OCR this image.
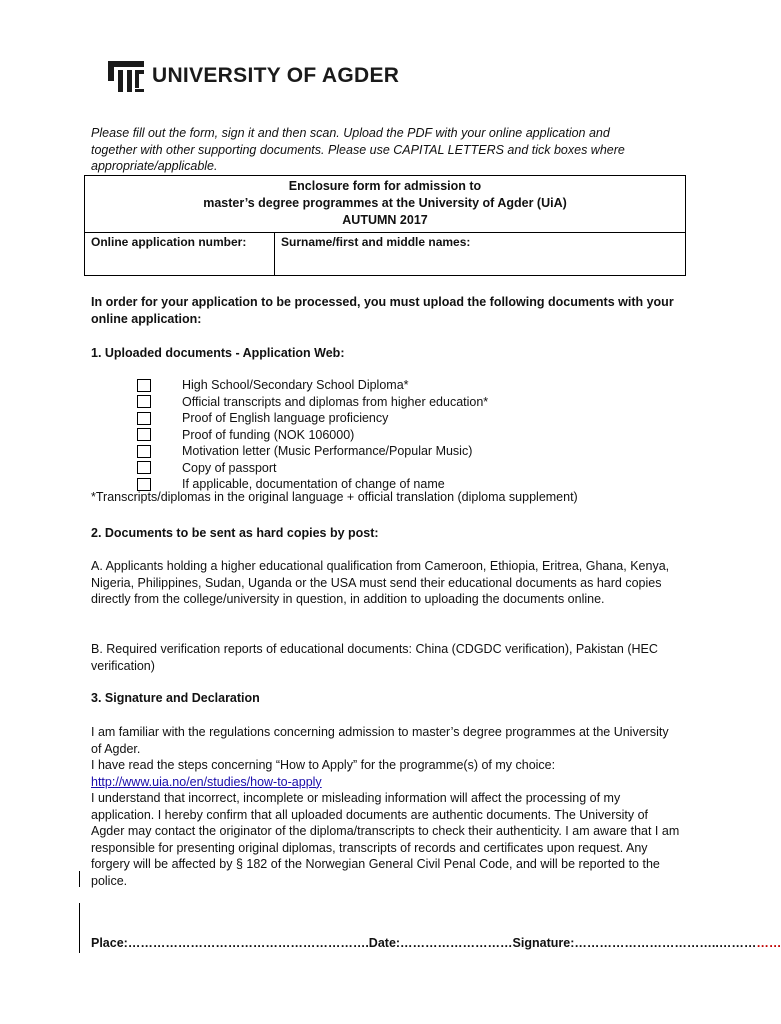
UNIVERSITY OF AGDER
Please fill out the form, sign it and then scan. Upload the PDF with your online application and together with other supporting documents. Please use CAPITAL LETTERS and tick boxes where appropriate/applicable.
Enclosure form for admission to
master’s degree programmes at the University of Agder (UiA)
AUTUMN 2017
Online application number:	Surname/first and middle names:
In order for your application to be processed, you must upload the following documents with your online application:
1. Uploaded documents - Application Web:
High School/Secondary School Diploma*
Official transcripts and diplomas from higher education*
Proof of English language proficiency
Proof of funding (NOK 106000)
Motivation letter (Music Performance/Popular Music)
Copy of passport
If applicable, documentation of change of name
*Transcripts/diplomas in the original language + official translation (diploma supplement)
2. Documents to be sent as hard copies by post:
A. Applicants holding a higher educational qualification from Cameroon, Ethiopia, Eritrea, Ghana, Kenya, Nigeria, Philippines, Sudan, Uganda or the USA must send their educational documents as hard copies directly from the college/university in question, in addition to uploading the documents online.
B. Required verification reports of educational documents: China (CDGDC verification), Pakistan (HEC verification)
3. Signature and Declaration
I am familiar with the regulations concerning admission to master’s degree programmes at the University of Agder.
I have read the steps concerning “How to Apply” for the programme(s) of my choice:
http://www.uia.no/en/studies/how-to-apply
I understand that incorrect, incomplete or misleading information will affect the processing of my application. I hereby confirm that all uploaded documents are authentic documents. The University of Agder may contact the originator of the diploma/transcripts to check their authenticity. I am aware that I am responsible for presenting original diplomas, transcripts of records and certificates upon request. Any forgery will be affected by § 182 of the Norwegian General Civil Penal Code, and will be reported to the police.
Place:………………………………………………….Date:………………………Signature:……………………………..……………
